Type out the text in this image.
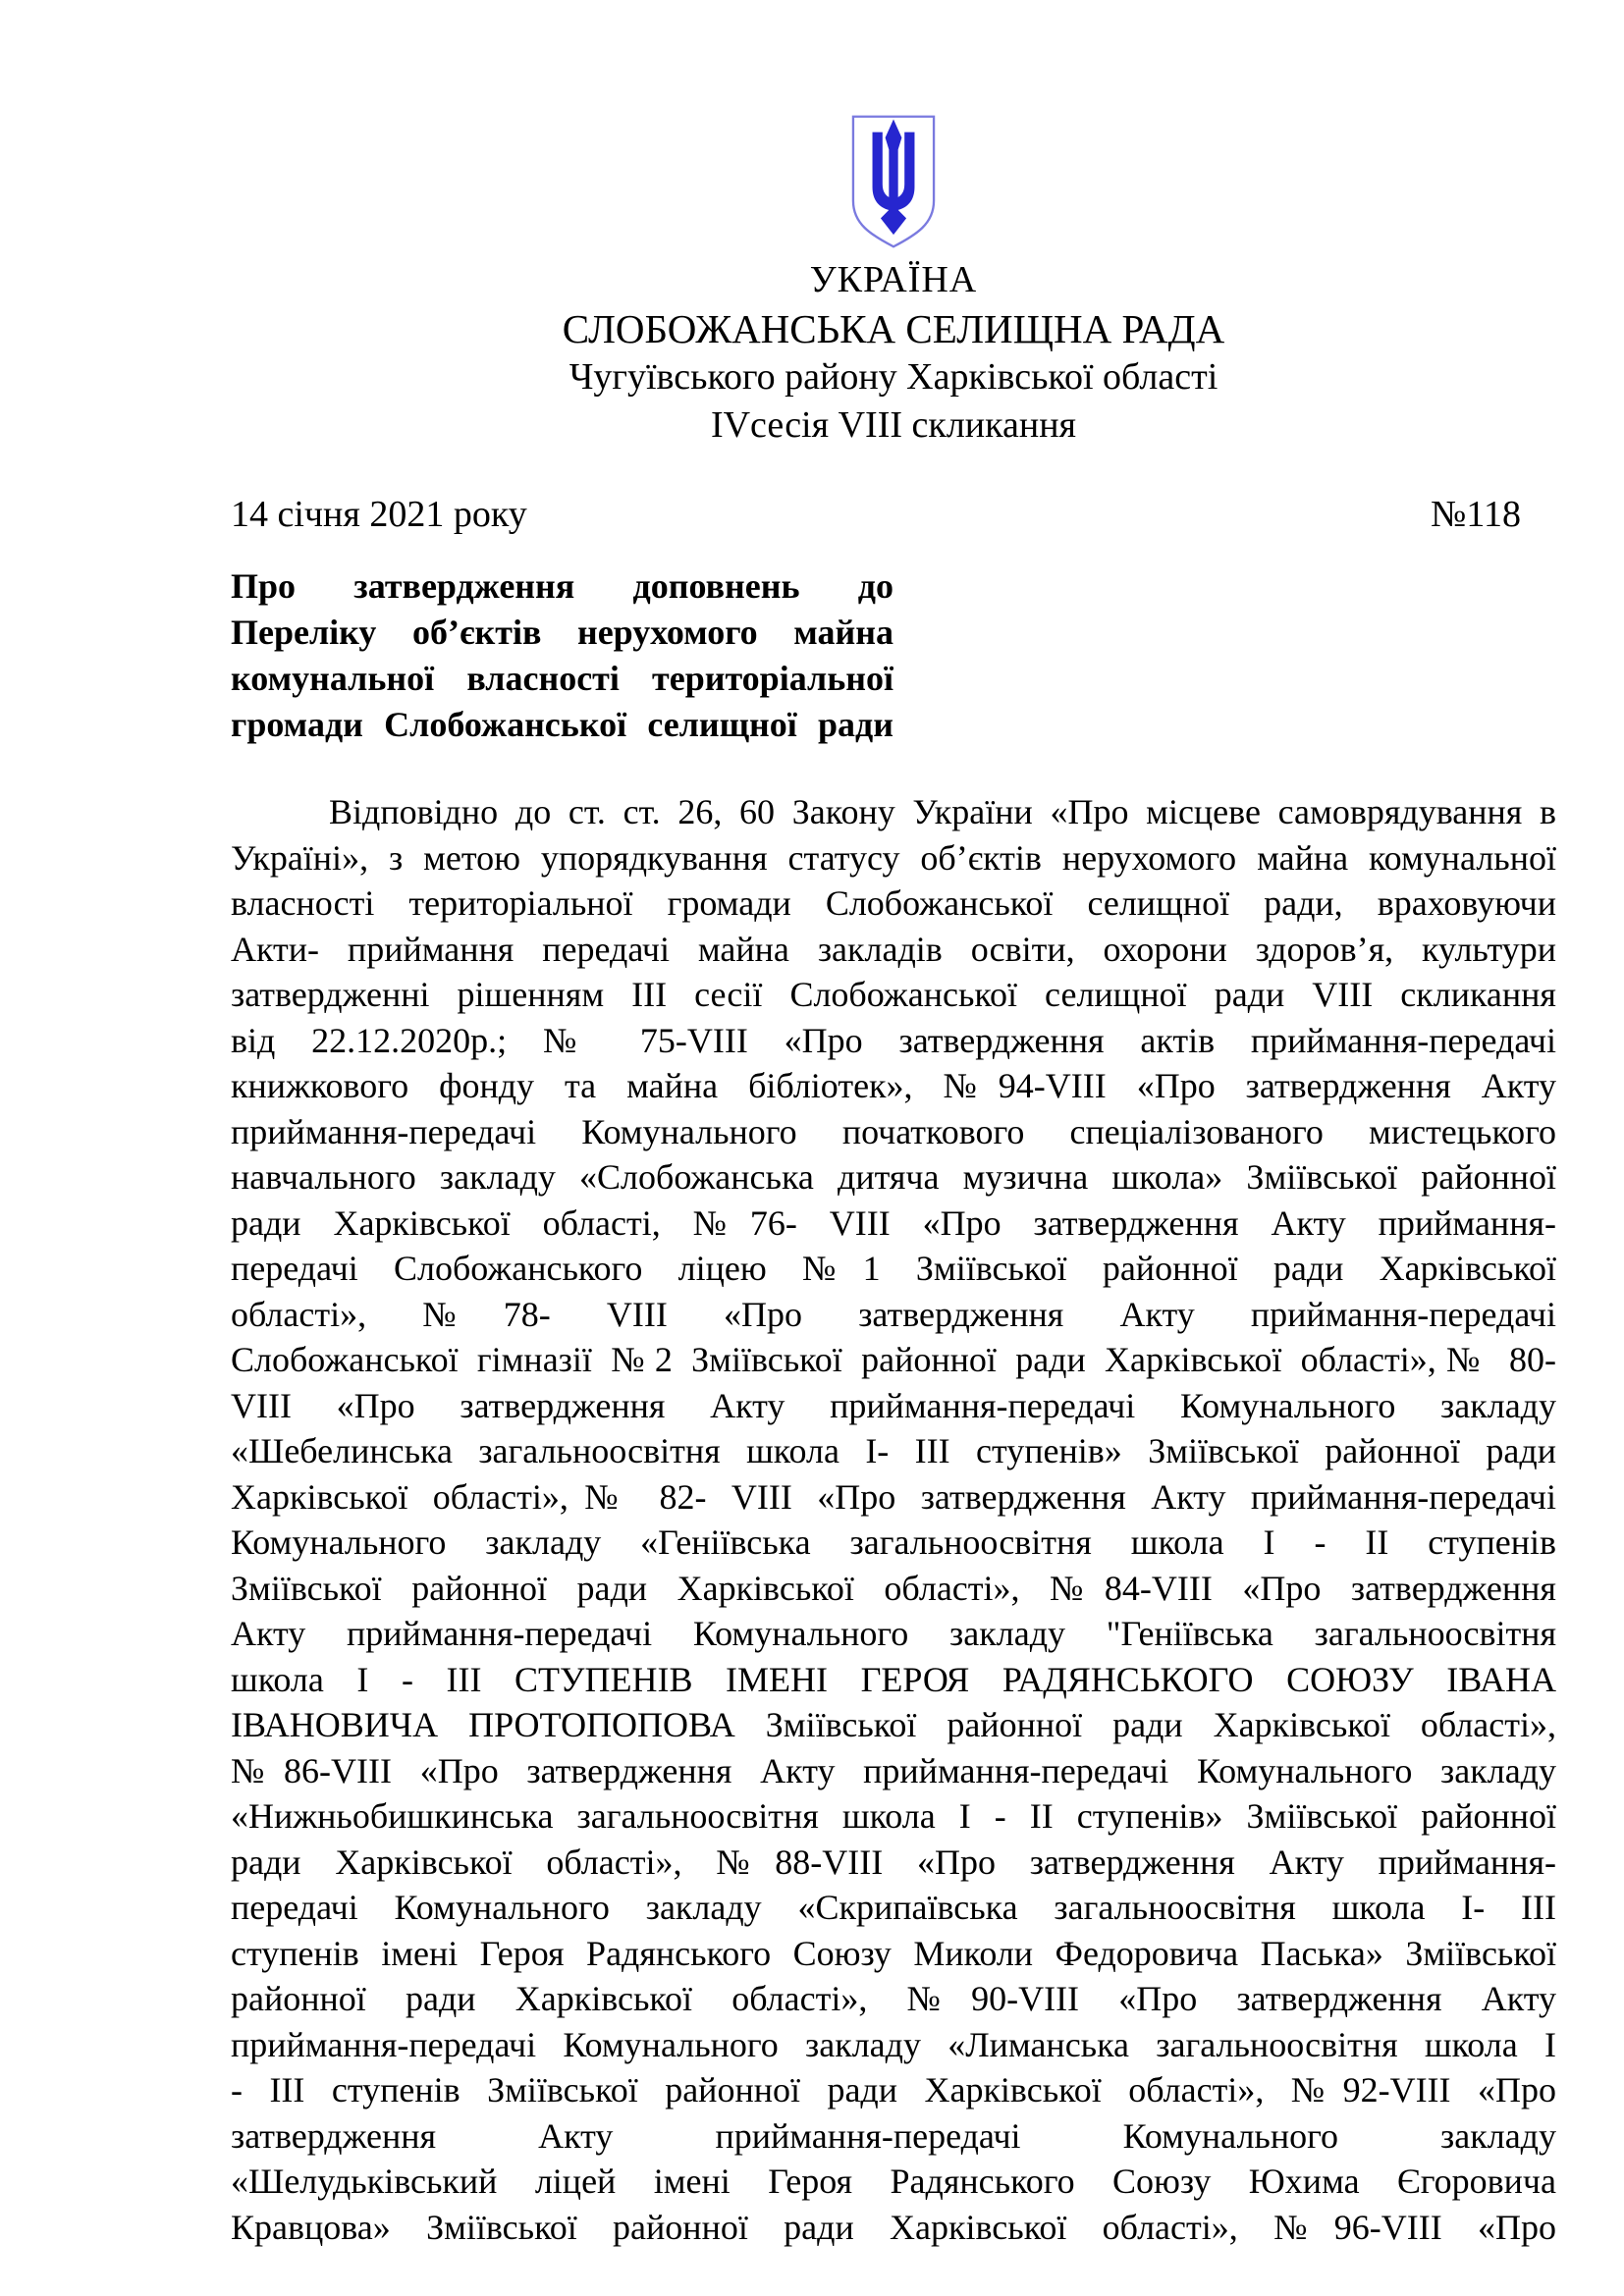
УКРАЇНА
СЛОБОЖАНСЬКА СЕЛИЩНА РАДА
Чугуївського району Харківської області
IVсесія VIII скликання
14 січня 2021 року	№118
Про затвердження доповнень до
Переліку об’єктів нерухомого майна
комунальної власності територіальної
громади Слобожанської селищної ради
Відповідно до ст. ст. 26, 60 Закону України «Про місцеве самоврядування в
Україні», з метою упорядкування статусу об’єктів нерухомого майна комунальної
власності територіальної громади Слобожанської селищної ради, враховуючи
Акти- приймання передачі майна закладів освіти, охорони здоров’я, культури
затвердженні рішенням III сесії Слобожанської селищної ради VIII скликання
від 22.12.2020р.; № 75-VIII «Про затвердження актів приймання-передачі
книжкового фонду та майна бібліотек», №94-VIII «Про затвердження Акту
приймання-передачі Комунального початкового спеціалізованого мистецького
навчального закладу «Слобожанська дитяча музична школа» Зміївської районної
ради Харківської області, №76- VIII «Про затвердження Акту приймання-
передачі Слобожанського ліцею №1 Зміївської районної ради Харківської
області», №78- VIII «Про затвердження Акту приймання-передачі
Слобожанської гімназії №2 Зміївської районної ради Харківської області»,№ 80-
VIII «Про затвердження Акту приймання-передачі Комунального закладу
«Шебелинська загальноосвітня школа I- III ступенів» Зміївської районної ради
Харківської області»,№ 82- VIII «Про затвердження Акту приймання-передачі
Комунального закладу «Геніївська загальноосвітня школа I - II ступенів
Зміївської районної ради Харківської області», №84-VIII «Про затвердження
Акту приймання-передачі Комунального закладу "Геніївська загальноосвітня
школа I - III СТУПЕНІВ ІМЕНІ ГЕРОЯ РАДЯНСЬКОГО СОЮЗУ ІВАНА
ІВАНОВИЧА ПРОТОПОПОВА Зміївської районної ради Харківської області»,
№86-VIII «Про затвердження Акту приймання-передачі Комунального закладу
«Нижньобишкинська загальноосвітня школа I - II ступенів» Зміївської районної
ради Харківської області», №88-VIII «Про затвердження Акту приймання-
передачі Комунального закладу «Скрипаївська загальноосвітня школа I- III
ступенів імені Героя Радянського Союзу Миколи Федоровича Паська» Зміївської
районної ради Харківської області», №90-VIII «Про затвердження Акту
приймання-передачі Комунального закладу «Лиманська загальноосвітня школа I
- III ступенів Зміївської районної ради Харківської області», №92-VIII «Про
затвердження Акту приймання-передачі Комунального закладу
«Шелудьківський ліцей імені Героя Радянського Союзу Юхима Єгоровича
Кравцова» Зміївської районної ради Харківської області», №96-VIII «Про
